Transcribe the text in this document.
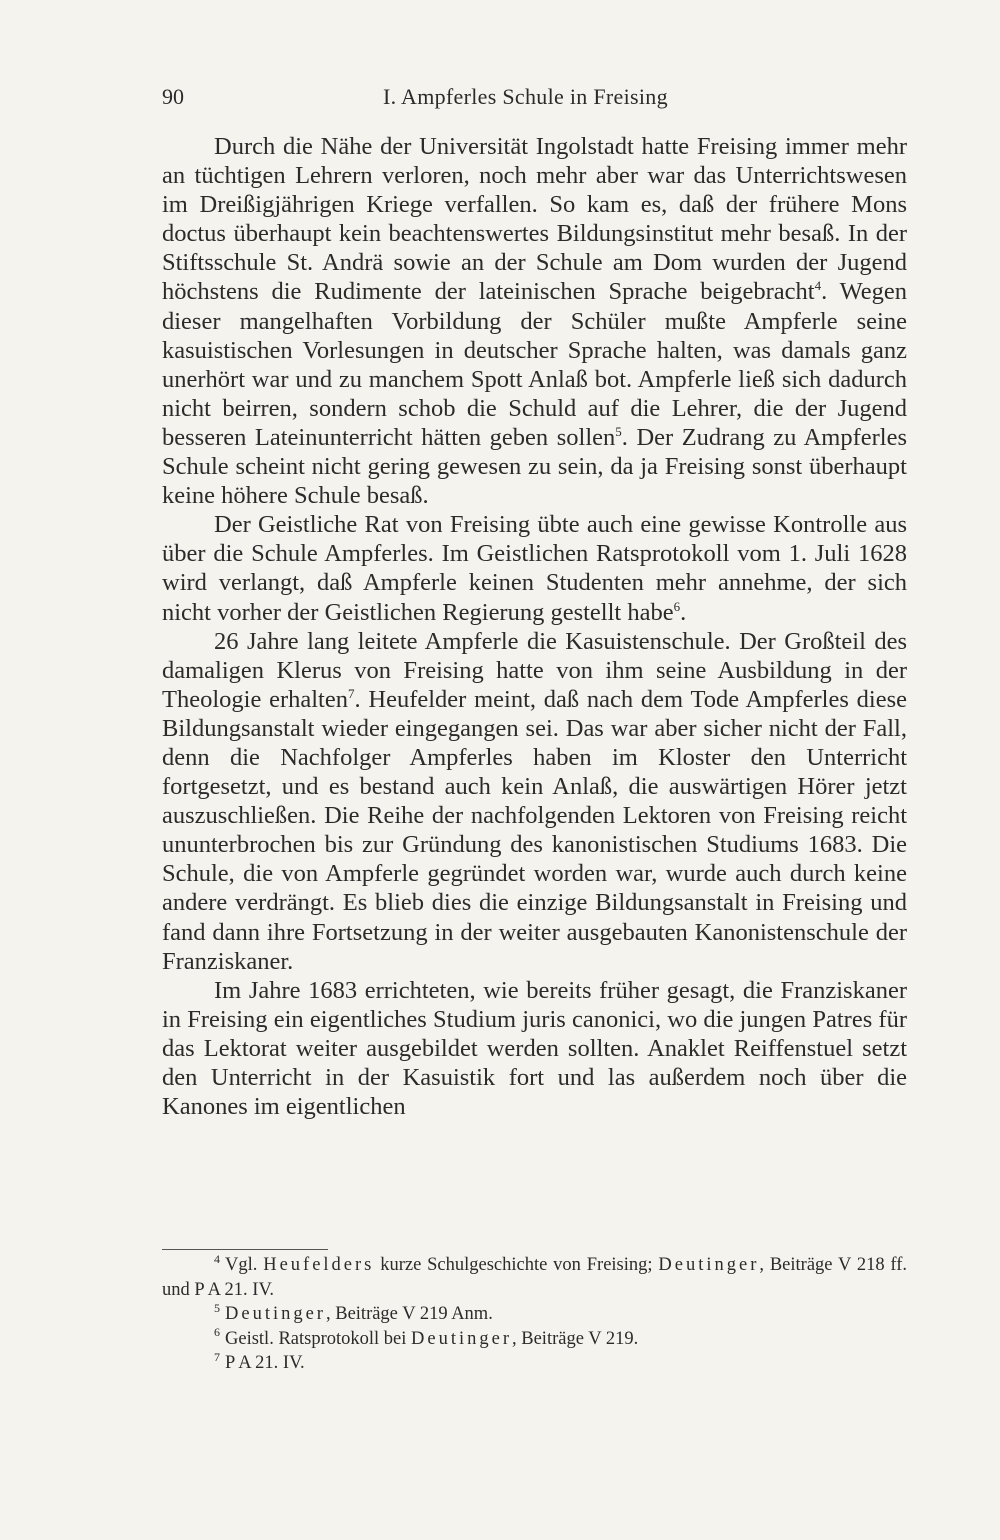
90	I. Ampferles Schule in Freising

Durch die Nähe der Universität Ingolstadt hatte Freising immer mehr an tüchtigen Lehrern verloren, noch mehr aber war das Unterrichtswesen im Dreißigjährigen Kriege verfallen. So kam es, daß der frühere Mons doctus überhaupt kein beachtenswertes Bildungsinstitut mehr besaß. In der Stiftsschule St. Andrä sowie an der Schule am Dom wurden der Jugend höchstens die Rudimente der lateinischen Sprache beigebracht$^4$. Wegen dieser mangelhaften Vorbildung der Schüler mußte Ampferle seine kasuistischen Vorlesungen in deutscher Sprache halten, was damals ganz unerhört war und zu manchem Spott Anlaß bot. Ampferle ließ sich dadurch nicht beirren, sondern schob die Schuld auf die Lehrer, die der Jugend besseren Lateinunterricht hätten geben sollen$^5$. Der Zudrang zu Ampferles Schule scheint nicht gering gewesen zu sein, da ja Freising sonst überhaupt keine höhere Schule besaß.

Der Geistliche Rat von Freising übte auch eine gewisse Kontrolle aus über die Schule Ampferles. Im Geistlichen Ratsprotokoll vom 1. Juli 1628 wird verlangt, daß Ampferle keinen Studenten mehr annehme, der sich nicht vorher der Geistlichen Regierung gestellt habe$^6$.

26 Jahre lang leitete Ampferle die Kasuistenschule. Der Großteil des damaligen Klerus von Freising hatte von ihm seine Ausbildung in der Theologie erhalten$^7$. Heufelder meint, daß nach dem Tode Ampferles diese Bildungsanstalt wieder eingegangen sei. Das war aber sicher nicht der Fall, denn die Nachfolger Ampferles haben im Kloster den Unterricht fortgesetzt, und es bestand auch kein Anlaß, die auswärtigen Hörer jetzt auszuschließen. Die Reihe der nachfolgenden Lektoren von Freising reicht ununterbrochen bis zur Gründung des kanonistischen Studiums 1683. Die Schule, die von Ampferle gegründet worden war, wurde auch durch keine andere verdrängt. Es blieb dies die einzige Bildungsanstalt in Freising und fand dann ihre Fortsetzung in der weiter ausgebauten Kanonistenschule der Franziskaner.

Im Jahre 1683 errichteten, wie bereits früher gesagt, die Franziskaner in Freising ein eigentliches Studium juris canonici, wo die jungen Patres für das Lektorat weiter ausgebildet werden sollten. Anaklet Reiffenstuel setzt den Unterricht in der Kasuistik fort und las außerdem noch über die Kanones im eigentlichen

$^4$ Vgl. Heufelders kurze Schulgeschichte von Freising; Deutinger, Beiträge V 218 ff. und P A 21. IV.

$^5$ Deutinger, Beiträge V 219 Anm.

$^6$ Geistl. Ratsprotokoll bei Deutinger, Beiträge V 219.

$^7$ P A 21. IV.
